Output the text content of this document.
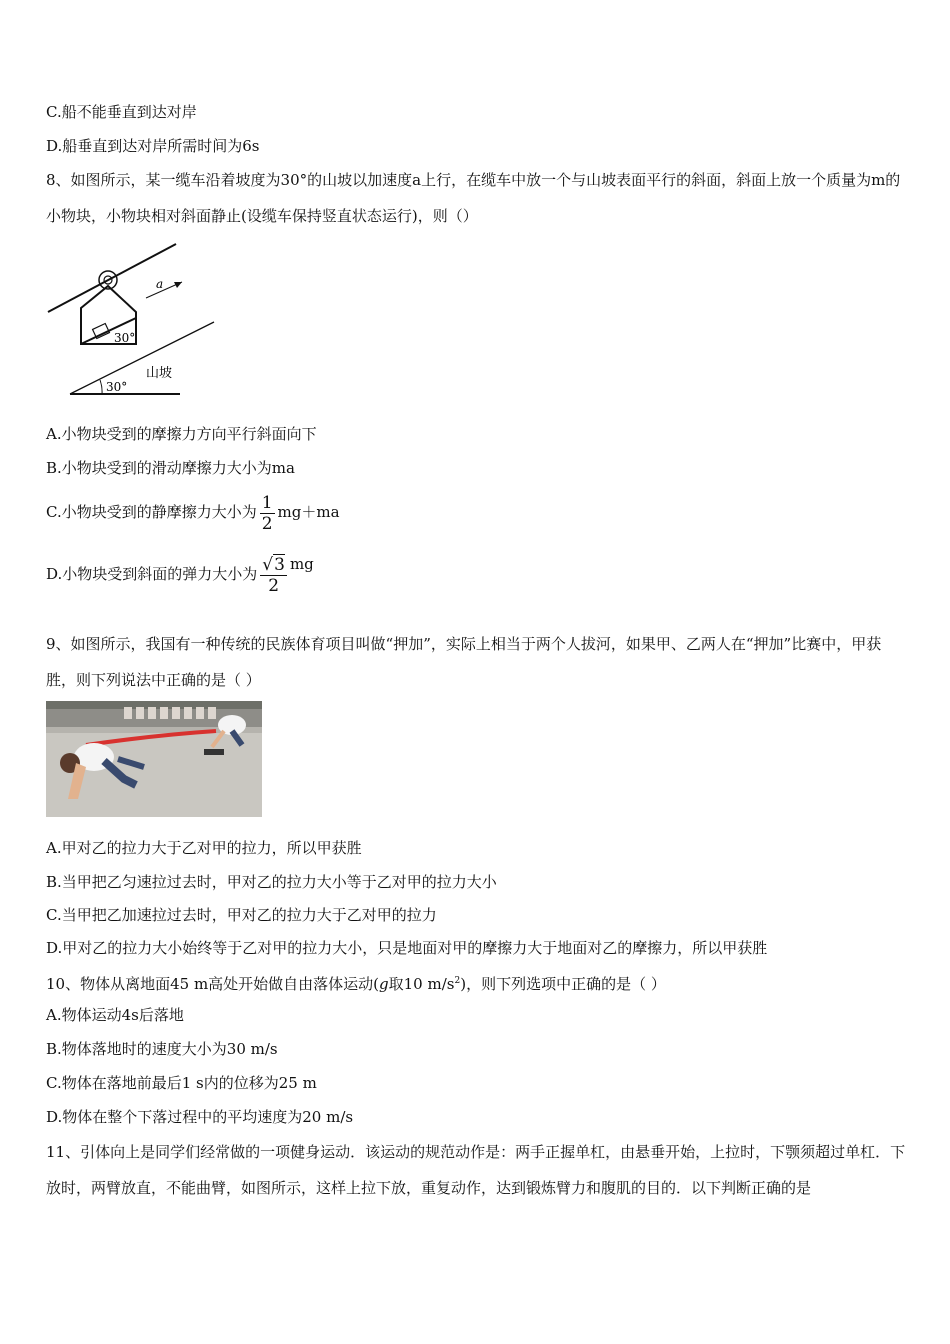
C.船不能垂直到达对岸
D.船垂直到达对岸所需时间为6s
8、如图所示，某一缆车沿着坡度为30°的山坡以加速度a上行，在缆车中放一个与山坡表面平行的斜面，斜面上放一个质量为m的小物块，小物块相对斜面静止(设缆车保持竖直状态运行)，则（）
30°
a
30°
山坡
A.小物块受到的摩擦力方向平行斜面向下
B.小物块受到的滑动摩擦力大小为ma
C.小物块受到的静摩擦力大小为 $\frac{1}{2} mg+ma$
D.小物块受到斜面的弹力大小为 $\frac{√3}{2}$ mg
9、如图所示，我国有一种传统的民族体育项目叫做“押加”，实际上相当于两个人拔河，如果甲、乙两人在“押加”比赛中，甲获胜，则下列说法中正确的是（ ）
A.甲对乙的拉力大于乙对甲的拉力，所以甲获胜
B.当甲把乙匀速拉过去时，甲对乙的拉力大小等于乙对甲的拉力大小
C.当甲把乙加速拉过去时，甲对乙的拉力大于乙对甲的拉力
D.甲对乙的拉力大小始终等于乙对甲的拉力大小，只是地面对甲的摩擦力大于地面对乙的摩擦力，所以甲获胜
10、物体从离地面45 m高处开始做自由落体运动(g取10 $m/s^2$)，则下列选项中正确的是（ ）
A.物体运动4s后落地
B.物体落地时的速度大小为30 m/s
C.物体在落地前最后1 s内的位移为25 m
D.物体在整个下落过程中的平均速度为20 m/s
11、引体向上是同学们经常做的一项健身运动．该运动的规范动作是：两手正握单杠，由悬垂开始，上拉时，下颚须超过单杠．下放时，两臂放直，不能曲臂，如图所示，这样上拉下放，重复动作，达到锻炼臂力和腹肌的目的．以下判断正确的是
